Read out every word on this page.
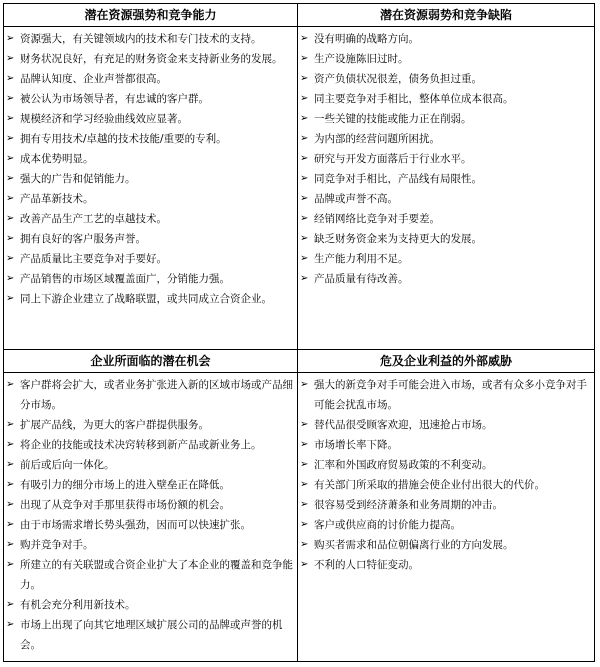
潜在资源强势和竞争能力
➢ 资源强大，有关键领域内的技术和专门技术的支持。
➢ 财务状况良好，有充足的财务资金来支持新业务的发展。
➢ 品牌认知度、企业声誉都很高。
➢ 被公认为市场领导者，有忠诚的客户群。
➢ 规模经济和学习经验曲线效应显著。
➢ 拥有专用技术/卓越的技术技能/重要的专利。
➢ 成本优势明显。
➢ 强大的广告和促销能力。
➢ 产品革新技术。
➢ 改善产品生产工艺的卓越技术。
➢ 拥有良好的客户服务声誉。
➢ 产品质量比主要竞争对手要好。
➢ 产品销售的市场区域覆盖面广，分销能力强。
➢ 同上下游企业建立了战略联盟，或共同成立合资企业。
潜在资源弱势和竞争缺陷
➢ 没有明确的战略方向。
➢ 生产设施陈旧过时。
➢ 资产负债状况很差，债务负担过重。
➢ 同主要竞争对手相比，整体单位成本很高。
➢ 一些关键的技能或能力正在削弱。
➢ 为内部的经营问题所困扰。
➢ 研究与开发方面落后于行业水平。
➢ 同竞争对手相比，产品线有局限性。
➢ 品牌或声誉不高。
➢ 经销网络比竞争对手要差。
➢ 缺乏财务资金来为支持更大的发展。
➢ 生产能力利用不足。
➢ 产品质量有待改善。
企业所面临的潜在机会
➢ 客户群将会扩大，或者业务扩张进入新的区域市场或产品细分市场。
➢ 扩展产品线，为更大的客户群提供服务。
➢ 将企业的技能或技术决窍转移到新产品或新业务上。
➢ 前后或后向一体化。
➢ 有吸引力的细分市场上的进入壁垒正在降低。
➢ 出现了从竞争对手那里获得市场份额的机会。
➢ 由于市场需求增长势头强劲，因而可以快速扩张。
➢ 购并竞争对手。
➢ 所建立的有关联盟或合资企业扩大了本企业的覆盖和竞争能力。
➢ 有机会充分利用新技术。
➢ 市场上出现了向其它地理区域扩展公司的品牌或声誉的机会。
危及企业利益的外部威胁
➢ 强大的新竞争对手可能会进入市场，或者有众多小竞争对手可能会扰乱市场。
➢ 替代品很受顾客欢迎，迅速抢占市场。
➢ 市场增长率下降。
➢ 汇率和外国政府贸易政策的不利变动。
➢ 有关部门所采取的措施会使企业付出很大的代价。
➢ 很容易受到经济萧条和业务周期的冲击。
➢ 客户或供应商的讨价能力提高。
➢ 购买者需求和品位朝偏离行业的方向发展。
➢ 不利的人口特征变动。
